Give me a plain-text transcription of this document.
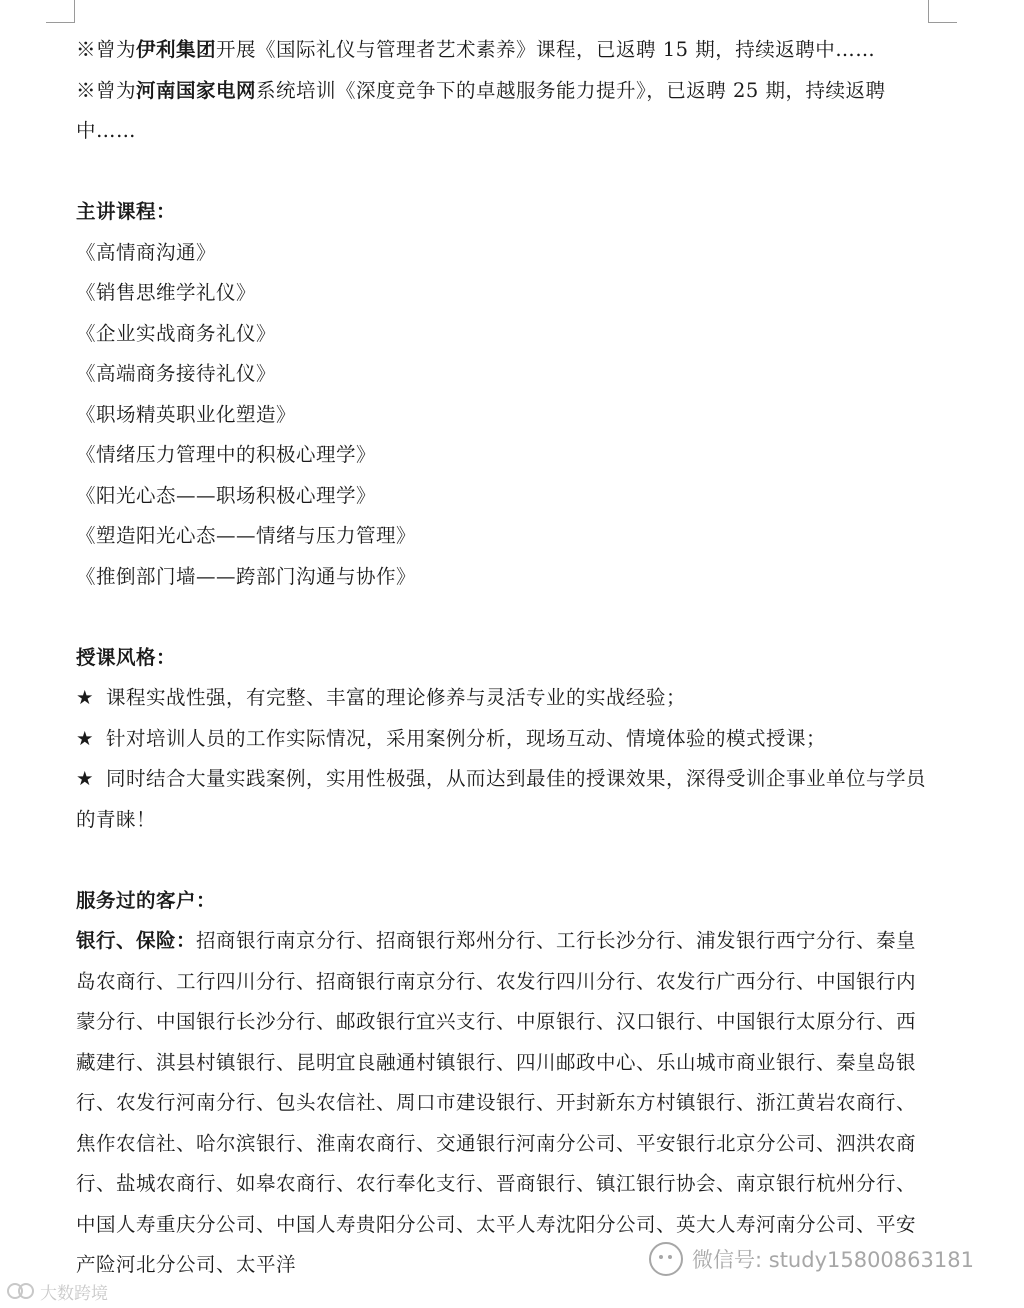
※曾为伊利集团开展《国际礼仪与管理者艺术素养》课程，已返聘 15 期，持续返聘中……

※曾为河南国家电网系统培训《深度竞争下的卓越服务能力提升》，已返聘 25 期，持续返聘中……

主讲课程：

《高情商沟通》

《销售思维学礼仪》

《企业实战商务礼仪》

《高端商务接待礼仪》

《职场精英职业化塑造》

《情绪压力管理中的积极心理学》

《阳光心态——职场积极心理学》

《塑造阳光心态——情绪与压力管理》

《推倒部门墙——跨部门沟通与协作》

授课风格：

★ 课程实战性强，有完整、丰富的理论修养与灵活专业的实战经验；
★ 针对培训人员的工作实际情况，采用案例分析，现场互动、情境体验的模式授课；

★ 同时结合大量实践案例，实用性极强，从而达到最佳的授课效果，深得受训企事业单位与学员的青睐！

服务过的客户：

银行、保险：招商银行南京分行、招商银行郑州分行、工行长沙分行、浦发银行西宁分行、秦皇岛农商行、工行四川分行、招商银行南京分行、农发行四川分行、农发行广西分行、中国银行内蒙分行、中国银行长沙分行、邮政银行宜兴支行、中原银行、汉口银行、中国银行太原分行、西藏建行、淇县村镇银行、昆明宜良融通村镇银行、四川邮政中心、乐山城市商业银行、秦皇岛银行、农发行河南分行、包头农信社、周口市建设银行、开封新东方村镇银行、浙江黄岩农商行、焦作农信社、哈尔滨银行、淮南农商行、交通银行河南分公司、平安银行北京分公司、泗洪农商行、盐城农商行、如皋农商行、农行奉化支行、晋商银行、镇江银行协会、南京银行杭州分行、中国人寿重庆分公司、中国人寿贵阳分公司、太平人寿沈阳分公司、英大人寿河南分公司、平安产险河北分公司、太平洋	微信号: study15800863181
大数跨境
